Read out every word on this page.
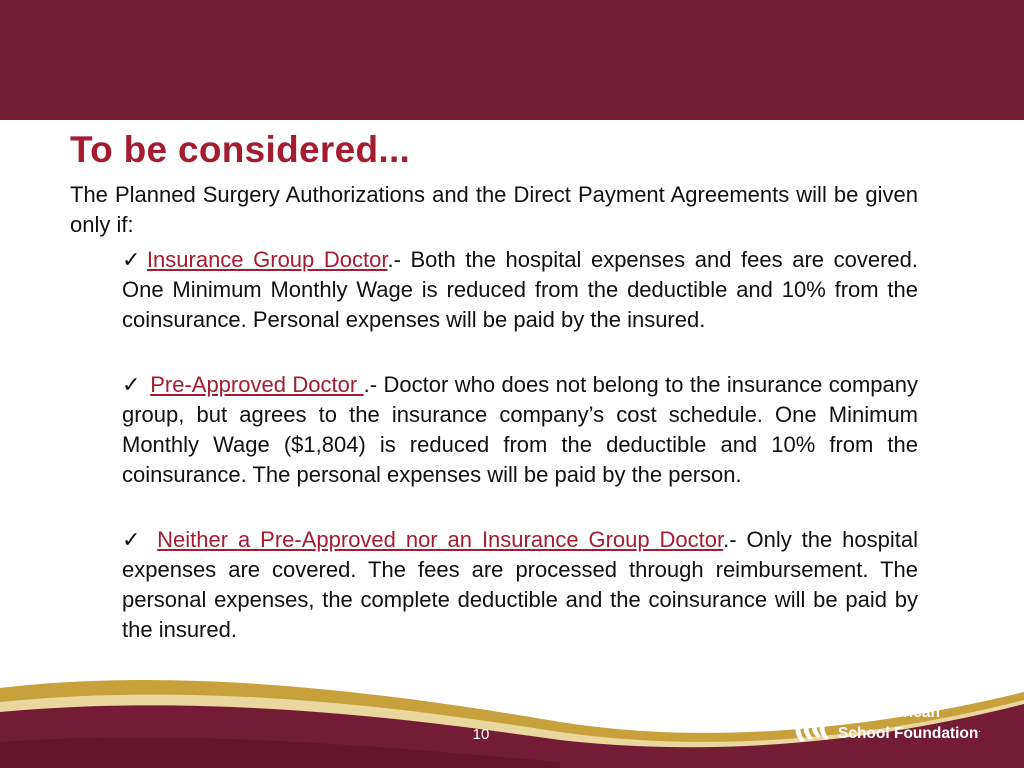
To be considered...
The Planned Surgery Authorizations and the Direct Payment Agreements will be given only if:
✓ Insurance Group Doctor.- Both the hospital expenses and fees are covered. One Minimum Monthly Wage is reduced from the deductible and 10% from the coinsurance. Personal expenses will be paid by the insured.
✓ Pre-Approved Doctor .- Doctor who does not belong to the insurance company group, but agrees to the insurance company’s cost schedule. One Minimum Monthly Wage ($1,804) is reduced from the deductible and 10% from the coinsurance. The personal expenses will be paid by the person.
✓ Neither a Pre-Approved nor an Insurance Group Doctor.- Only the hospital expenses are covered. The fees are processed through reimbursement. The personal expenses, the complete deductible and the coinsurance will be paid by the insured.
10
The American
School Foundation.
